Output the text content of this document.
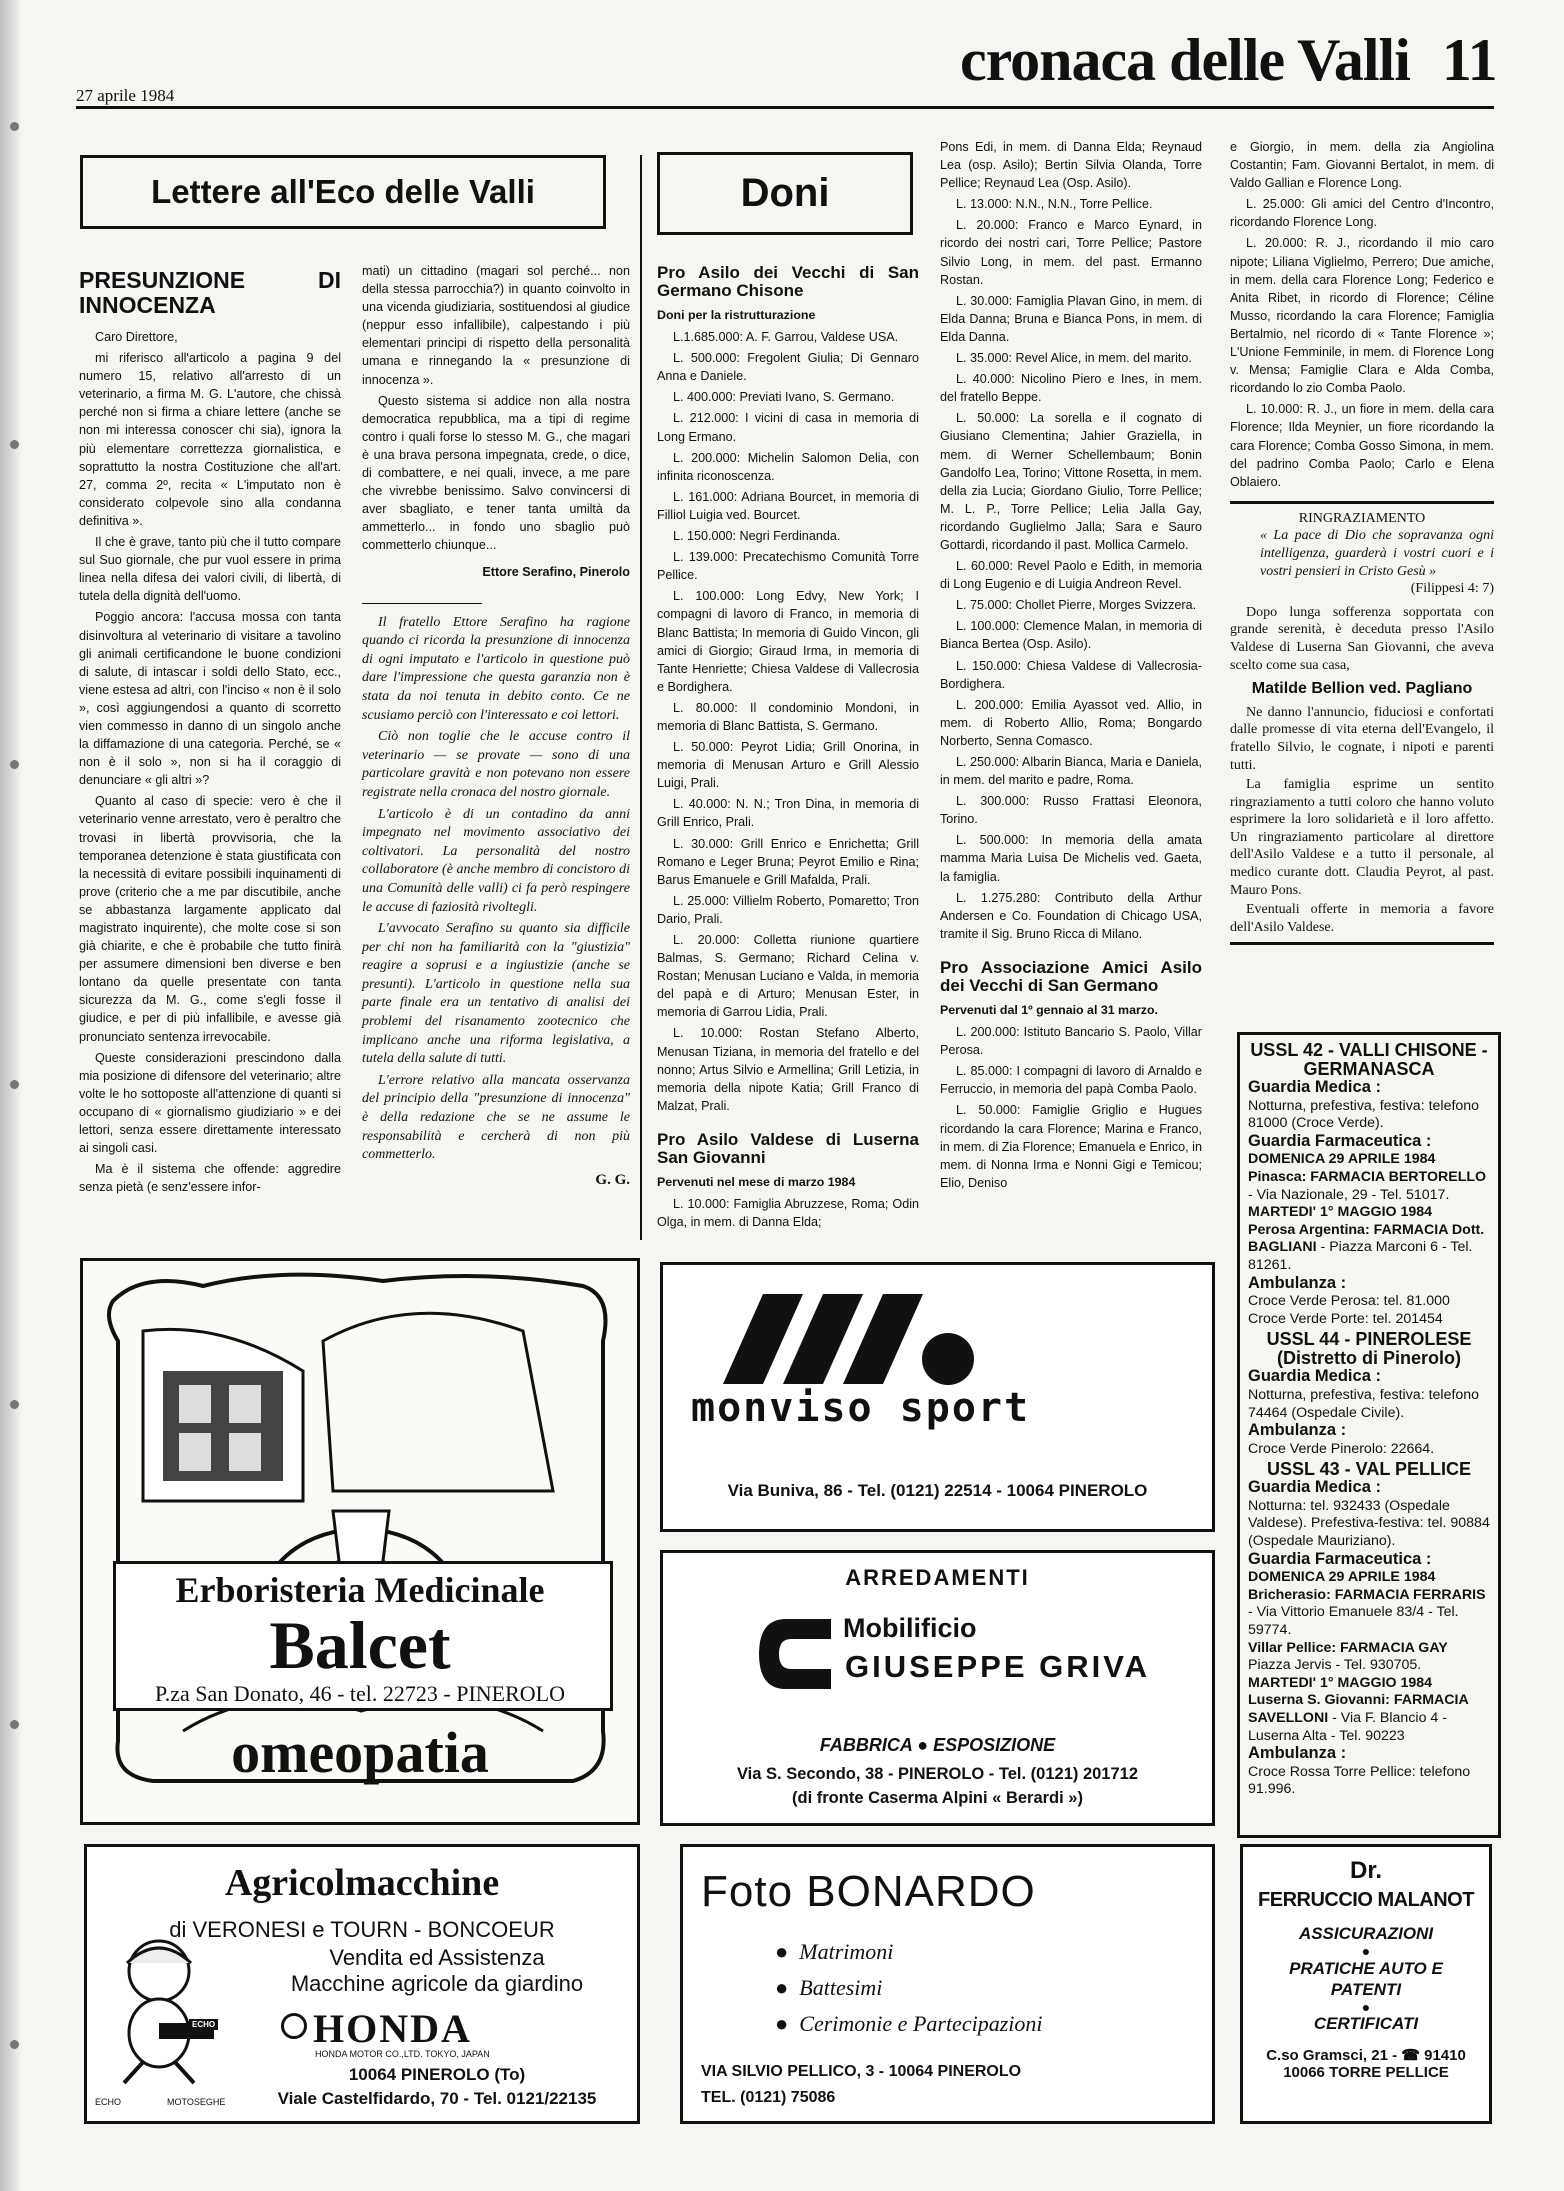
27 aprile 1984
cronaca delle Valli 11
Lettere all'Eco delle Valli
PRESUNZIONE DI INNOCENZA

Caro Direttore,

mi riferisco all'articolo a pagina 9 del numero 15, relativo all'arresto di un veterinario, a firma M. G. L'autore, che chissà perché non si firma a chiare lettere (anche se non mi interessa conoscer chi sia), ignora la più elementare correttezza giornalistica, e soprattutto la nostra Costituzione che all'art. 27, comma 2º, recita « L'imputato non è considerato colpevole sino alla condanna definitiva ».

Il che è grave, tanto più che il tutto compare sul Suo giornale, che pur vuol essere in prima linea nella difesa dei valori civili, di libertà, di tutela della dignità dell'uomo.

Poggio ancora: l'accusa mossa con tanta disinvoltura al veterinario di visitare a tavolino gli animali certificandone le buone condizioni di salute, di intascar i soldi dello Stato, ecc., viene estesa ad altri, con l'inciso « non è il solo », così aggiungendosi a quanto di scorretto vien commesso in danno di un singolo anche la diffamazione di una categoria. Perché, se « non è il solo », non si ha il coraggio di denunciare « gli altri »?

Quanto al caso di specie: vero è che il veterinario venne arrestato, vero è peraltro che trovasi in libertà provvisoria, che la temporanea detenzione è stata giustificata con la necessità di evitare possibili inquinamenti di prove (criterio che a me par discutibile, anche se abbastanza largamente applicato dal magistrato inquirente), che molte cose si son già chiarite, e che è probabile che tutto finirà per assumere dimensioni ben diverse e ben lontano da quelle presentate con tanta sicurezza da M. G., come s'egli fosse il giudice, e per di più infallibile, e avesse già pronunciato sentenza irrevocabile.

Queste considerazioni prescindono dalla mia posizione di difensore del veterinario; altre volte le ho sottoposte all'attenzione di quanti si occupano di « giornalismo giudiziario » e dei lettori, senza essere direttamente interessato ai singoli casi.

Ma è il sistema che offende: aggredire senza pietà (e senz'essere infor-

mati) un cittadino (magari sol perché... non della stessa parrocchia?) in quanto coinvolto in una vicenda giudiziaria, sostituendosi al giudice (neppur esso infallibile), calpestando i più elementari principi di rispetto della personalità umana e rinnegando la « presunzione di innocenza ».

Questo sistema si addice non alla nostra democratica repubblica, ma a tipi di regime contro i quali forse lo stesso M. G., che magari è una brava persona impegnata, crede, o dice, di combattere, e nei quali, invece, a me pare che vivrebbe benissimo. Salvo convincersi di aver sbagliato, e tener tanta umiltà da ammetterlo... in fondo uno sbaglio può commetterlo chiunque...

Ettore Serafino, Pinerolo

Il fratello Ettore Serafino ha ragione quando ci ricorda la presunzione di innocenza di ogni imputato e l'articolo in questione può dare l'impressione che questa garanzia non è stata da noi tenuta in debito conto. Ce ne scusiamo perciò con l'interessato e coi lettori.

Ciò non toglie che le accuse contro il veterinario — se provate — sono di una particolare gravità e non potevano non essere registrate nella cronaca del nostro giornale.

L'articolo è di un contadino da anni impegnato nel movimento associativo dei coltivatori. La personalità del nostro collaboratore (è anche membro di concistoro di una Comunità delle valli) ci fa però respingere le accuse di faziosità rivoltegli.

L'avvocato Serafino su quanto sia difficile per chi non ha familiarità con la "giustizia" reagire a soprusi e a ingiustizie (anche se presunti). L'articolo in questione nella sua parte finale era un tentativo di analisi dei problemi del risanamento zootecnico che implicano anche una riforma legislativa, a tutela della salute di tutti.

L'errore relativo alla mancata osservanza del principio della "presunzione di innocenza" è della redazione che se ne assume le responsabilità e cercherà di non più commetterlo.

G. G.
Doni
Pro Asilo dei Vecchi di San Germano Chisone
Doni per la ristrutturazione

L.1.685.000: A. F. Garrou, Valdese USA.

L. 500.000: Fregolent Giulia; Di Gennaro Anna e Daniele.

L. 400.000: Previati Ivano, S. Germano.

L. 212.000: I vicini di casa in memoria di Long Ermano.

L. 200.000: Michelin Salomon Delia, con infinita riconoscenza.

L. 161.000: Adriana Bourcet, in memoria di Filliol Luigia ved. Bourcet.

L. 150.000: Negri Ferdinanda.

L. 139.000: Precatechismo Comunità Torre Pellice.

L. 100.000: Long Edvy, New York; I compagni di lavoro di Franco, in memoria di Blanc Battista; In memoria di Guido Vincon, gli amici di Giorgio; Giraud Irma, in memoria di Tante Henriette; Chiesa Valdese di Vallecrosia e Bordighera.

L. 80.000: Il condominio Mondoni, in memoria di Blanc Battista, S. Germano.

L. 50.000: Peyrot Lidia; Grill Onorina, in memoria di Menusan Arturo e Grill Alessio Luigi, Prali.

L. 40.000: N. N.; Tron Dina, in memoria di Grill Enrico, Prali.

L. 30.000: Grill Enrico e Enrichetta; Grill Romano e Leger Bruna; Peyrot Emilio e Rina; Barus Emanuele e Grill Mafalda, Prali.

L. 25.000: Villielm Roberto, Pomaretto; Tron Dario, Prali.

L. 20.000: Colletta riunione quartiere Balmas, S. Germano; Richard Celina v. Rostan; Menusan Luciano e Valda, in memoria del papà e di Arturo; Menusan Ester, in memoria di Garrou Lidia, Prali.

L. 10.000: Rostan Stefano Alberto, Menusan Tiziana, in memoria del fratello e del nonno; Artus Silvio e Armellina; Grill Letizia, in memoria della nipote Katia; Grill Franco di Malzat, Prali.

Pro Asilo Valdese di Luserna San Giovanni
Pervenuti nel mese di marzo 1984

L. 10.000: Famiglia Abruzzese, Roma; Odin Olga, in mem. di Danna Elda;

Pons Edi, in mem. di Danna Elda; Reynaud Lea (osp. Asilo); Bertin Silvia Olanda, Torre Pellice; Reynaud Lea (Osp. Asilo).

L. 13.000: N.N., N.N., Torre Pellice.

L. 20.000: Franco e Marco Eynard, in ricordo dei nostri cari, Torre Pellice; Pastore Silvio Long, in mem. del past. Ermanno Rostan.

L. 30.000: Famiglia Plavan Gino, in mem. di Elda Danna; Bruna e Bianca Pons, in mem. di Elda Danna.

L. 35.000: Revel Alice, in mem. del marito.

L. 40.000: Nicolino Piero e Ines, in mem. del fratello Beppe.

L. 50.000: La sorella e il cognato di Giusiano Clementina; Jahier Graziella, in mem. di Werner Schellembaum; Bonin Gandolfo Lea, Torino; Vittone Rosetta, in mem. della zia Lucia; Giordano Giulio, Torre Pellice; M. L. P., Torre Pellice; Lelia Jalla Gay, ricordando Guglielmo Jalla; Sara e Sauro Gottardi, ricordando il past. Mollica Carmelo.

L. 60.000: Revel Paolo e Edith, in memoria di Long Eugenio e di Luigia Andreon Revel.

L. 75.000: Chollet Pierre, Morges Svizzera.

L. 100.000: Clemence Malan, in memoria di Bianca Bertea (Osp. Asilo).

L. 150.000: Chiesa Valdese di Vallecrosia-Bordighera.

L. 200.000: Emilia Ayassot ved. Allio, in mem. di Roberto Allio, Roma; Bongardo Norberto, Senna Comasco.

L. 250.000: Albarin Bianca, Maria e Daniela, in mem. del marito e padre, Roma.

L. 300.000: Russo Frattasi Eleonora, Torino.

L. 500.000: In memoria della amata mamma Maria Luisa De Michelis ved. Gaeta, la famiglia.

L. 1.275.280: Contributo della Arthur Andersen e Co. Foundation di Chicago USA, tramite il Sig. Bruno Ricca di Milano.

Pro Associazione Amici Asilo dei Vecchi di San Germano
Pervenuti dal 1º gennaio al 31 marzo.

L. 200.000: Istituto Bancario S. Paolo, Villar Perosa.

L. 85.000: I compagni di lavoro di Arnaldo e Ferruccio, in memoria del papà Comba Paolo.

L. 50.000: Famiglie Griglio e Hugues ricordando la cara Florence; Marina e Franco, in mem. di Zia Florence; Emanuela e Enrico, in mem. di Nonna Irma e Nonni Gigi e Temicou; Elio, Deniso

e Giorgio, in mem. della zia Angiolina Costantin; Fam. Giovanni Bertalot, in mem. di Valdo Gallian e Florence Long.

L. 25.000: Gli amici del Centro d'Incontro, ricordando Florence Long.

L. 20.000: R. J., ricordando il mio caro nipote; Liliana Viglielmo, Perrero; Due amiche, in mem. della cara Florence Long; Federico e Anita Ribet, in ricordo di Florence; Céline Musso, ricordando la cara Florence; Famiglia Bertalmio, nel ricordo di « Tante Florence »; L'Unione Femminile, in mem. di Florence Long v. Mensa; Famiglie Clara e Alda Comba, ricordando lo zio Comba Paolo.

L. 10.000: R. J., un fiore in mem. della cara Florence; Ilda Meynier, un fiore ricordando la cara Florence; Comba Gosso Simona, in mem. del padrino Comba Paolo; Carlo e Elena Oblaiero.

RINGRAZIAMENTO
« La pace di Dio che sopravanza ogni intelligenza, guarderà i vostri cuori e i vostri pensieri in Cristo Gesù »
(Filippesi 4: 7)

Dopo lunga sofferenza sopportata con grande serenità, è deceduta presso l'Asilo Valdese di Luserna San Giovanni, che aveva scelto come sua casa,

Matilde Bellion ved. Pagliano

Ne danno l'annuncio, fiduciosi e confortati dalle promesse di vita eterna dell'Evangelo, il fratello Silvio, le cognate, i nipoti e parenti tutti.

La famiglia esprime un sentito ringraziamento a tutti coloro che hanno voluto esprimere la loro solidarietà e il loro affetto. Un ringraziamento particolare al direttore dell'Asilo Valdese e a tutto il personale, al medico curante dott. Claudia Peyrot, al past. Mauro Pons.

Eventuali offerte in memoria a favore dell'Asilo Valdese.

USSL 42 - VALLI CHISONE - GERMANASCA
Guardia Medica :
Notturna, prefestiva, festiva: telefono 81000 (Croce Verde).
Guardia Farmaceutica :
DOMENICA 29 APRILE 1984
Pinasca: FARMACIA BERTORELLO - Via Nazionale, 29 - Tel. 51017.
MARTEDI' 1° MAGGIO 1984
Perosa Argentina: FARMACIA Dott. BAGLIANI - Piazza Marconi 6 - Tel. 81261.
Ambulanza :
Croce Verde Perosa: tel. 81.000 Croce Verde Porte: tel. 201454
USSL 44 - PINEROLESE (Distretto di Pinerolo)
Guardia Medica :
Notturna, prefestiva, festiva: telefono 74464 (Ospedale Civile).
Ambulanza :
Croce Verde Pinerolo: 22664.
USSL 43 - VAL PELLICE
Guardia Medica :
Notturna: tel. 932433 (Ospedale Valdese). Prefestiva-festiva: tel. 90884 (Ospedale Mauriziano).
Guardia Farmaceutica :
DOMENICA 29 APRILE 1984
Bricherasio: FARMACIA FERRARIS - Via Vittorio Emanuele 83/4 - Tel. 59774.
Villar Pellice: FARMACIA GAY Piazza Jervis - Tel. 930705.
MARTEDI' 1° MAGGIO 1984
Luserna S. Giovanni: FARMACIA SAVELLONI - Via F. Blancio 4 - Luserna Alta - Tel. 90223
Ambulanza :
Croce Rossa Torre Pellice: telefono 91.996.
Erboristeria Medicinale
Balcet
P.za San Donato, 46 - tel. 22723 - PINEROLO
omeopatia
monviso sport
Via Buniva, 86 - Tel. (0121) 22514 - 10064 PINEROLO
ARREDAMENTI
Mobilificio
GIUSEPPE GRIVA
FABBRICA ● ESPOSIZIONE
Via S. Secondo, 38 - PINEROLO - Tel. (0121) 201712
(di fronte Caserma Alpini « Berardi »)
Agricolmacchine
di VERONESI e TOURN - BONCOEUR
Vendita ed Assistenza
Macchine agricole da giardino
ECHO HONDA
HONDA MOTOR CO.,LTD. TOKYO, JAPAN
ECHO	MOTOSEGHE
10064 PINEROLO (To)
Viale Castelfidardo, 70 - Tel. 0121/22135
Foto BONARDO
●  Matrimoni
●  Battesimi
●  Cerimonie e Partecipazioni
VIA SILVIO PELLICO, 3 - 10064 PINEROLO
TEL. (0121) 75086
Dr.
FERRUCCIO MALANOT
ASSICURAZIONI
●
PRATICHE AUTO E PATENTI
●
CERTIFICATI
C.so Gramsci, 21 - ☎ 91410
10066 TORRE PELLICE
